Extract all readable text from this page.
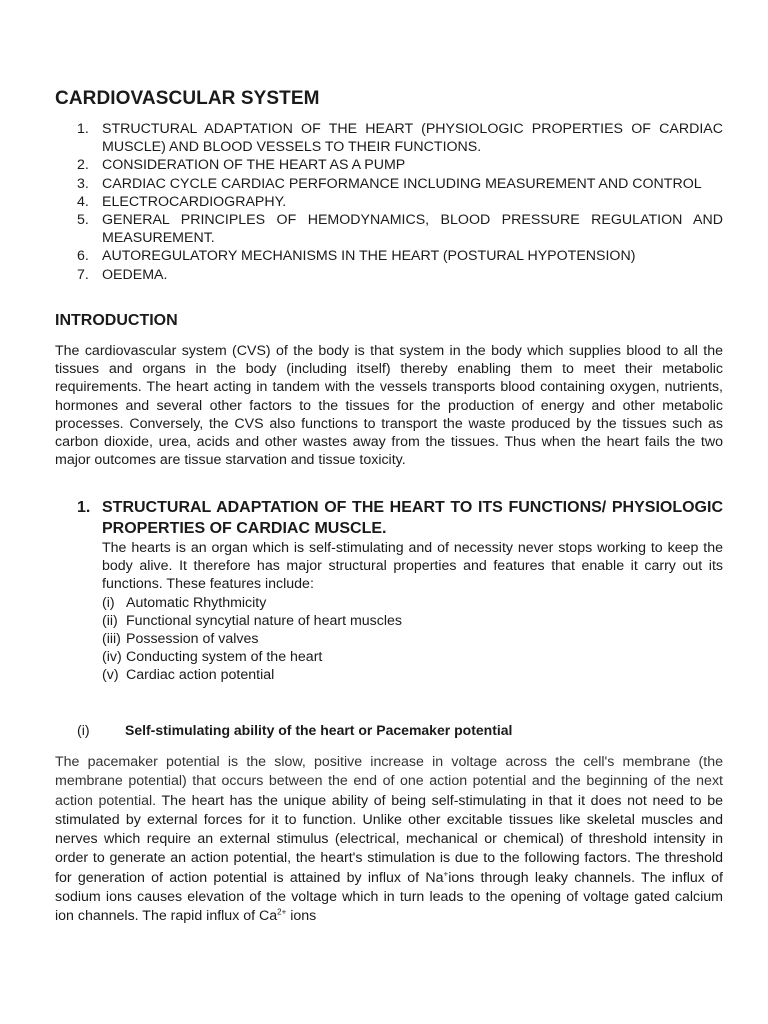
CARDIOVASCULAR SYSTEM
1. STRUCTURAL ADAPTATION OF THE HEART (PHYSIOLOGIC PROPERTIES OF CARDIAC MUSCLE) AND BLOOD VESSELS TO THEIR FUNCTIONS.
2. CONSIDERATION OF THE HEART AS A PUMP
3. CARDIAC CYCLE CARDIAC PERFORMANCE INCLUDING MEASUREMENT AND CONTROL
4. ELECTROCARDIOGRAPHY.
5. GENERAL PRINCIPLES OF HEMODYNAMICS, BLOOD PRESSURE REGULATION AND MEASUREMENT.
6. AUTOREGULATORY MECHANISMS IN THE HEART (POSTURAL HYPOTENSION)
7. OEDEMA.
INTRODUCTION

The cardiovascular system (CVS) of the body is that system in the body which supplies blood to all the tissues and organs in the body (including itself) thereby enabling them to meet their metabolic requirements. The heart acting in tandem with the vessels transports blood containing oxygen, nutrients, hormones and several other factors to the tissues for the production of energy and other metabolic processes. Conversely, the CVS also functions to transport the waste produced by the tissues such as carbon dioxide, urea, acids and other wastes away from the tissues. Thus when the heart fails the two major outcomes are tissue starvation and tissue toxicity.

1. STRUCTURAL ADAPTATION OF THE HEART TO ITS FUNCTIONS/ PHYSIOLOGIC PROPERTIES OF CARDIAC MUSCLE.

The hearts is an organ which is self-stimulating and of necessity never stops working to keep the body alive. It therefore has major structural properties and features that enable it carry out its functions. These features include:

(i) Automatic Rhythmicity
(ii) Functional syncytial nature of heart muscles
(iii) Possession of valves
(iv) Conducting system of the heart
(v) Cardiac action potential
(i)	Self-stimulating ability of the heart or Pacemaker potential

The pacemaker potential is the slow, positive increase in voltage across the cell's membrane (the membrane potential) that occurs between the end of one action potential and the beginning of the next action potential. The heart has the unique ability of being self-stimulating in that it does not need to be stimulated by external forces for it to function. Unlike other excitable tissues like skeletal muscles and nerves which require an external stimulus (electrical, mechanical or chemical) of threshold intensity in order to generate an action potential, the heart's stimulation is due to the following factors. The threshold for generation of action potential is attained by influx of Na+ions through leaky channels. The influx of sodium ions causes elevation of the voltage which in turn leads to the opening of voltage gated calcium ion channels. The rapid influx of $Ca^{2+}$ ions
